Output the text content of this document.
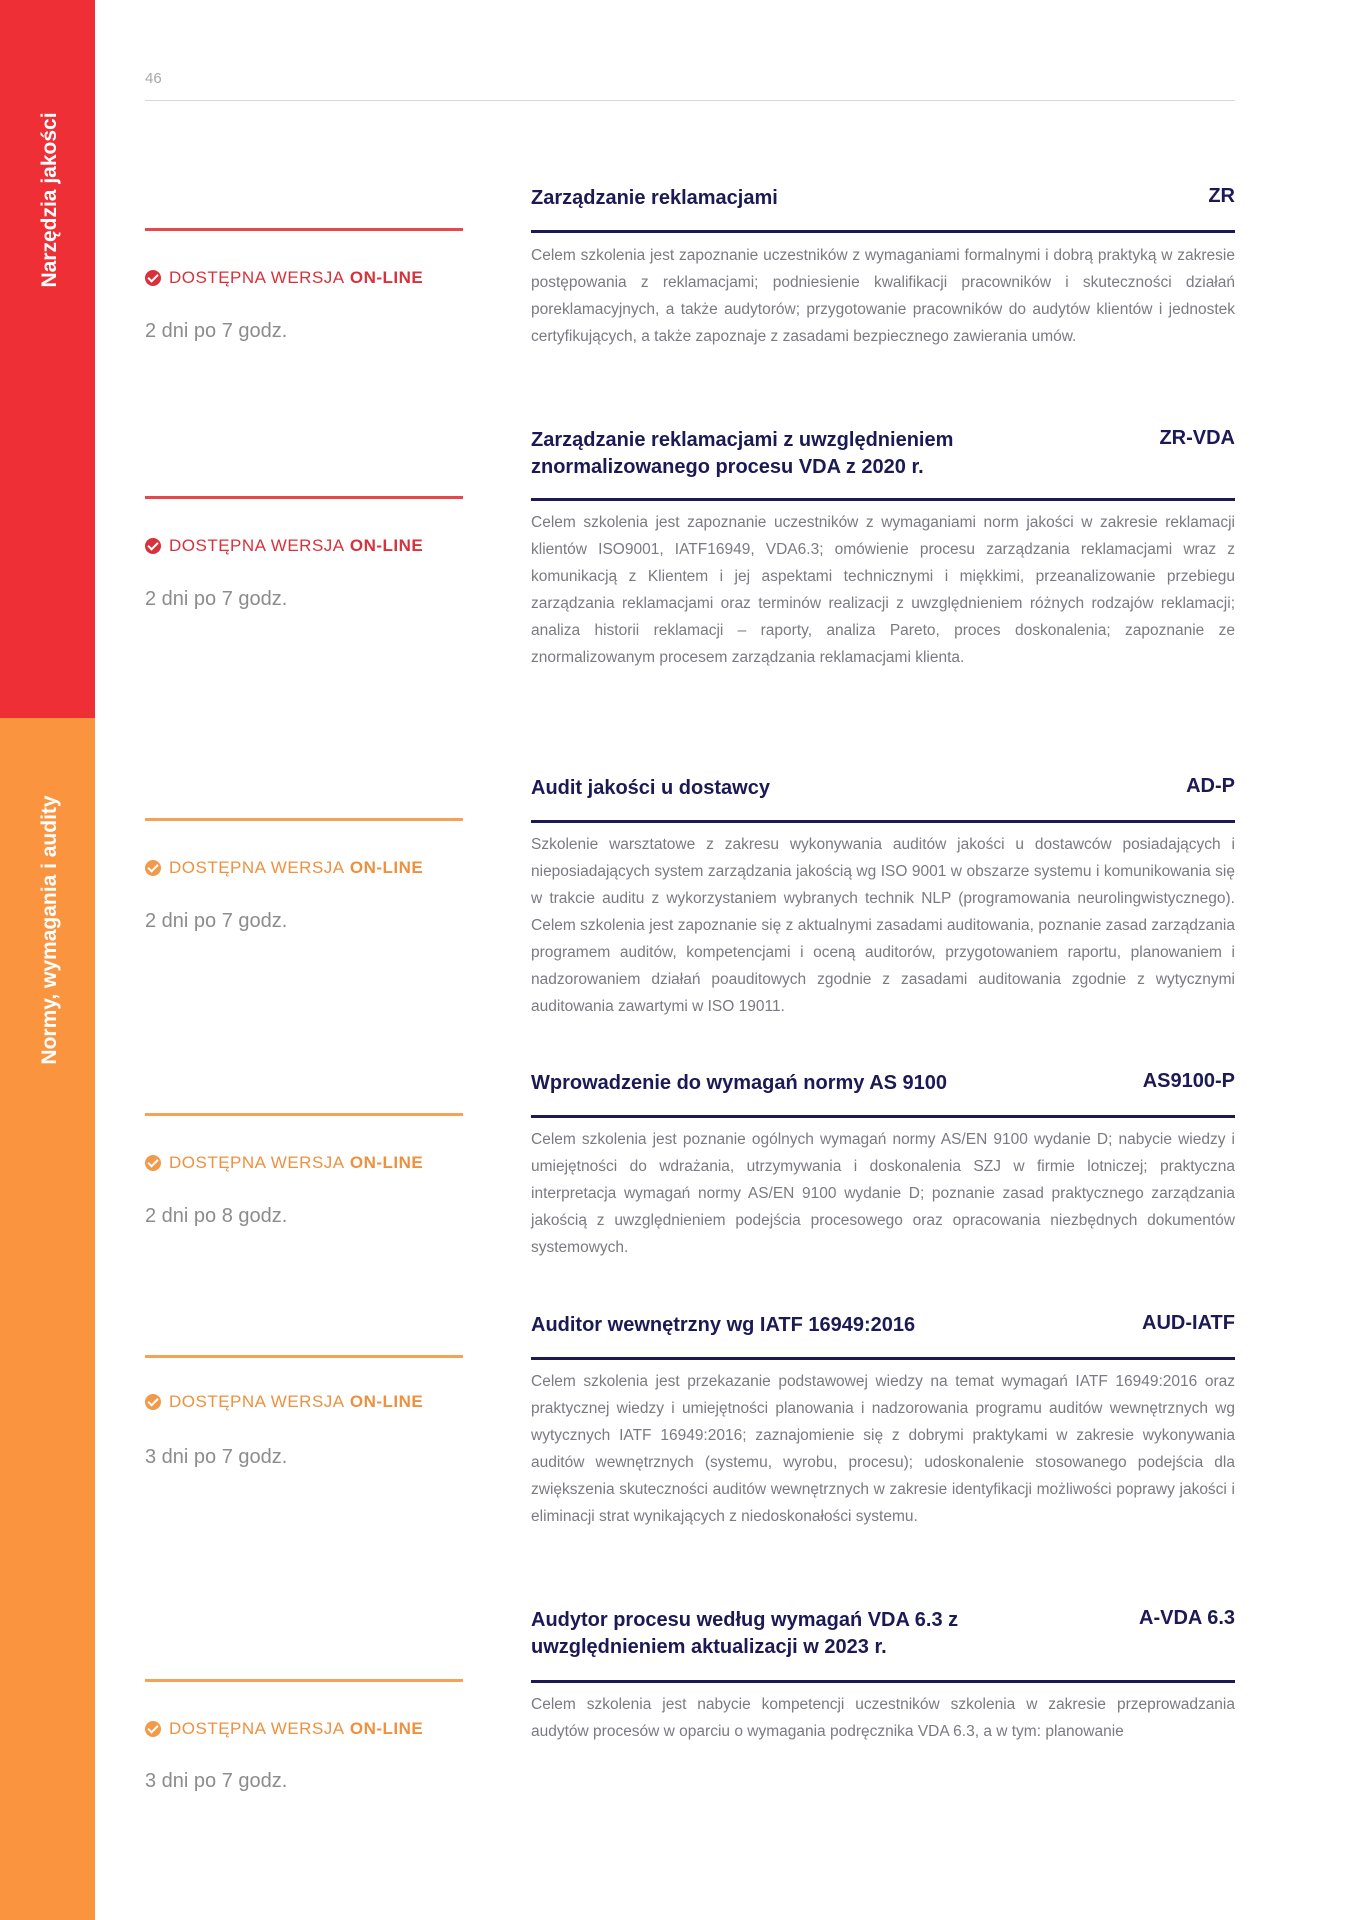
Narzędzia jakości
Normy, wymagania i audity
46
Zarządzanie reklamacjami	ZR
DOSTĘPNA WERSJA
ON-LINE
2 dni po 7 godz.

Celem szkolenia jest zapoznanie uczestników z wymaganiami formalnymi i dobrą praktyką w zakresie postępowania z reklamacjami; podniesienie kwalifikacji pracowników i skuteczności działań poreklamacyjnych, a także audytorów; przygotowanie pracowników do audytów klientów i jednostek certyfikujących, a także zapoznaje z zasadami bezpiecznego zawierania umów.

Zarządzanie reklamacjami z uwzględnieniem znormalizowanego procesu VDA z 2020 r.
ZR-VDA
DOSTĘPNA WERSJA
ON-LINE
2 dni po 7 godz.

Celem szkolenia jest zapoznanie uczestników z wymaganiami norm jakości w zakresie reklamacji klientów ISO9001, IATF16949, VDA6.3; omówienie procesu zarządzania reklamacjami wraz z komunikacją z Klientem i jej aspektami technicznymi i miękkimi, przeanalizowanie przebiegu zarządzania reklamacjami oraz terminów realizacji z uwzględnieniem różnych rodzajów reklamacji; analiza historii reklamacji – raporty, analiza Pareto, proces doskonalenia; zapoznanie ze znormalizowanym procesem zarządzania reklamacjami klienta.

Audit jakości u dostawcy	AD-P
DOSTĘPNA WERSJA
ON-LINE
2 dni po 7 godz.

Szkolenie warsztatowe z zakresu wykonywania auditów jakości u dostawców posiadających i nieposiadających system zarządzania jakością wg ISO 9001 w obszarze systemu i komunikowania się w trakcie auditu z wykorzystaniem wybranych technik NLP (programowania neurolingwistycznego). Celem szkolenia jest zapoznanie się z aktualnymi zasadami auditowania, poznanie zasad zarządzania programem auditów, kompetencjami i oceną auditorów, przygotowaniem raportu, planowaniem i nadzorowaniem działań poauditowych zgodnie z zasadami auditowania zgodnie z wytycznymi auditowania zawartymi w ISO 19011.

Wprowadzenie do wymagań normy AS 9100	AS9100-P
DOSTĘPNA WERSJA
ON-LINE
2 dni po 8 godz.

Celem szkolenia jest poznanie ogólnych wymagań normy AS/EN 9100 wydanie D; nabycie wiedzy i umiejętności do wdrażania, utrzymywania i doskonalenia SZJ w firmie lotniczej; praktyczna interpretacja wymagań normy AS/EN 9100 wydanie D; poznanie zasad praktycznego zarządzania jakością z uwzględnieniem podejścia procesowego oraz opracowania niezbędnych dokumentów systemowych.

Auditor wewnętrzny wg IATF 16949:2016	AUD-IATF
DOSTĘPNA WERSJA
ON-LINE
3 dni po 7 godz.

Celem szkolenia jest przekazanie podstawowej wiedzy na temat wymagań IATF 16949:2016 oraz praktycznej wiedzy i umiejętności planowania i nadzorowania programu auditów wewnętrznych wg wytycznych IATF 16949:2016; zaznajomienie się z dobrymi praktykami w zakresie wykonywania auditów wewnętrznych (systemu, wyrobu, procesu); udoskonalenie stosowanego podejścia dla zwiększenia skuteczności auditów wewnętrznych w zakresie identyfikacji możliwości poprawy jakości i eliminacji strat wynikających z niedoskonałości systemu.

Audytor procesu według wymagań VDA 6.3 z uwzględnieniem aktualizacji w 2023 r.
A-VDA 6.3
DOSTĘPNA WERSJA
ON-LINE
3 dni po 7 godz.

Celem szkolenia jest nabycie kompetencji uczestników szkolenia w zakresie przeprowadzania audytów procesów w oparciu o wymagania podręcznika VDA 6.3, a w tym: planowanie
